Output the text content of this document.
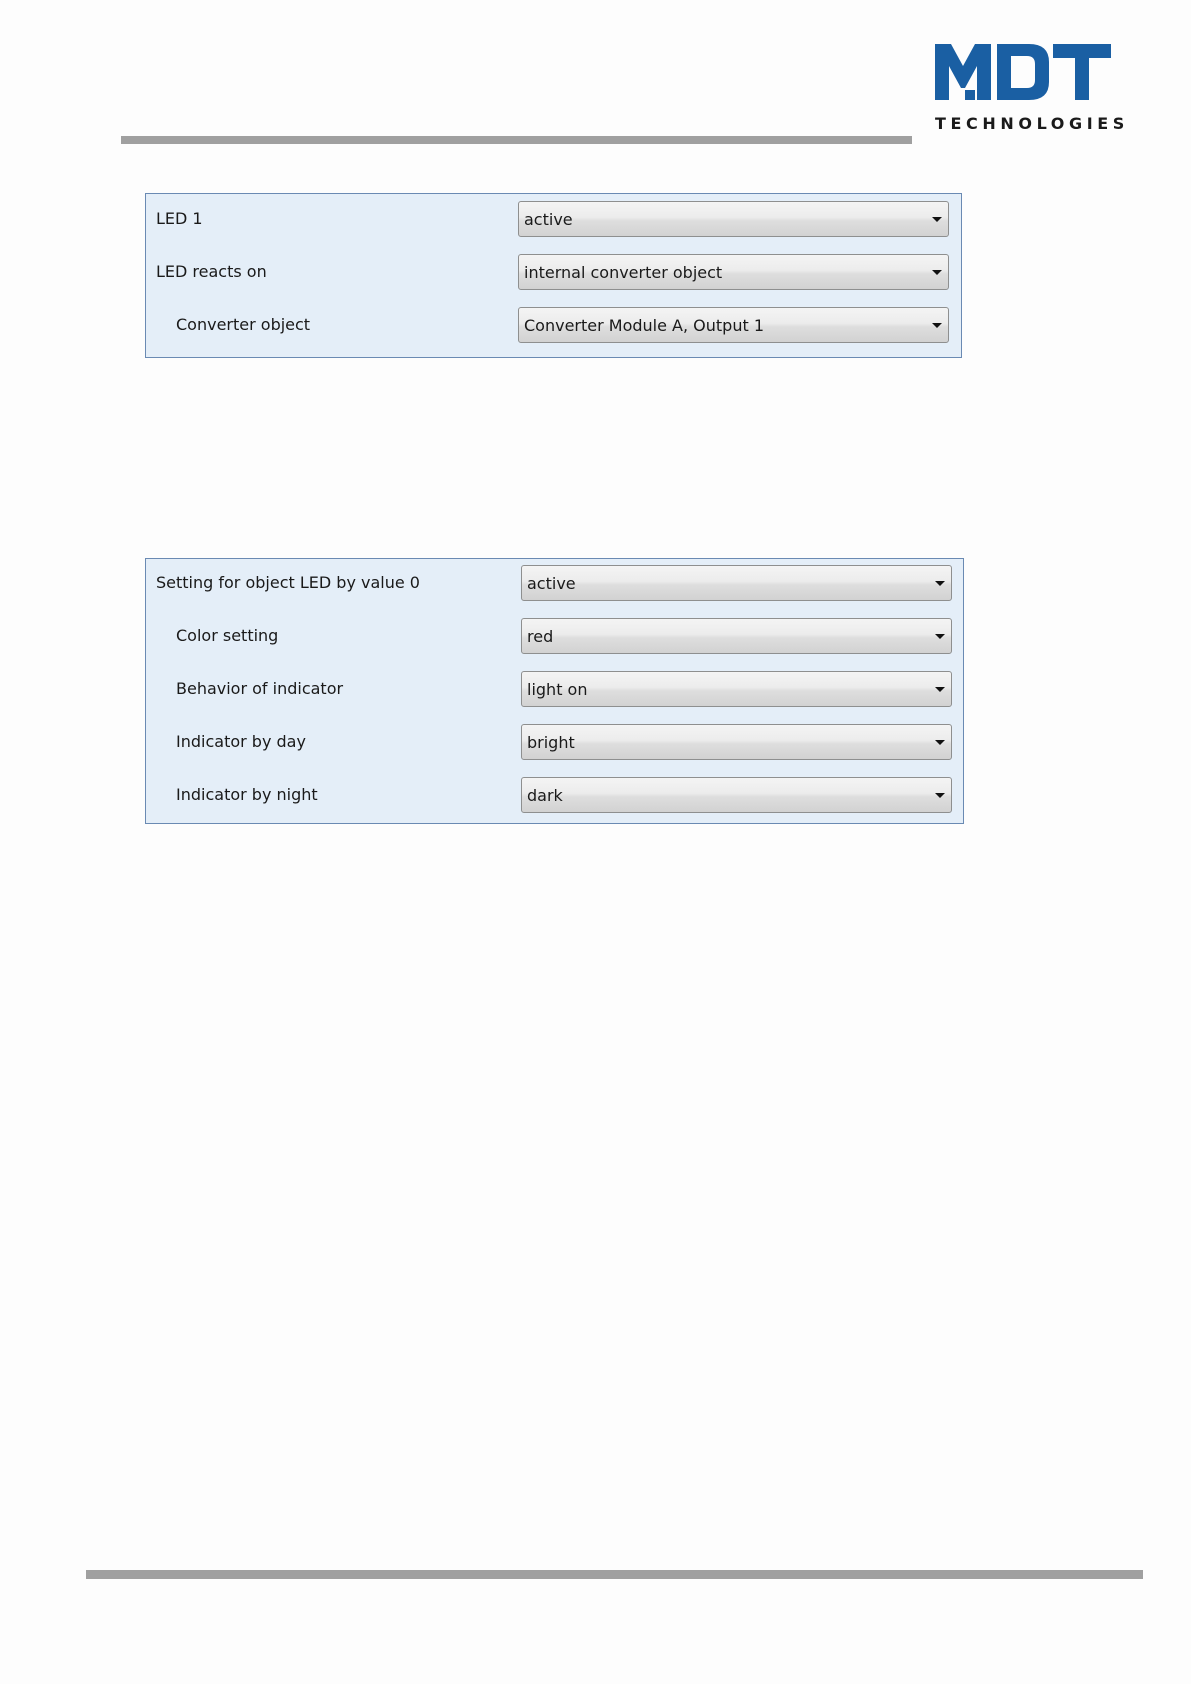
TECHNOLOGIES
LED 1	active
LED reacts on	internal converter object
Converter object	Converter Module A, Output 1
Setting for object LED by value 0	active
Color setting	red
Behavior of indicator	light on
Indicator by day	bright
Indicator by night	dark
